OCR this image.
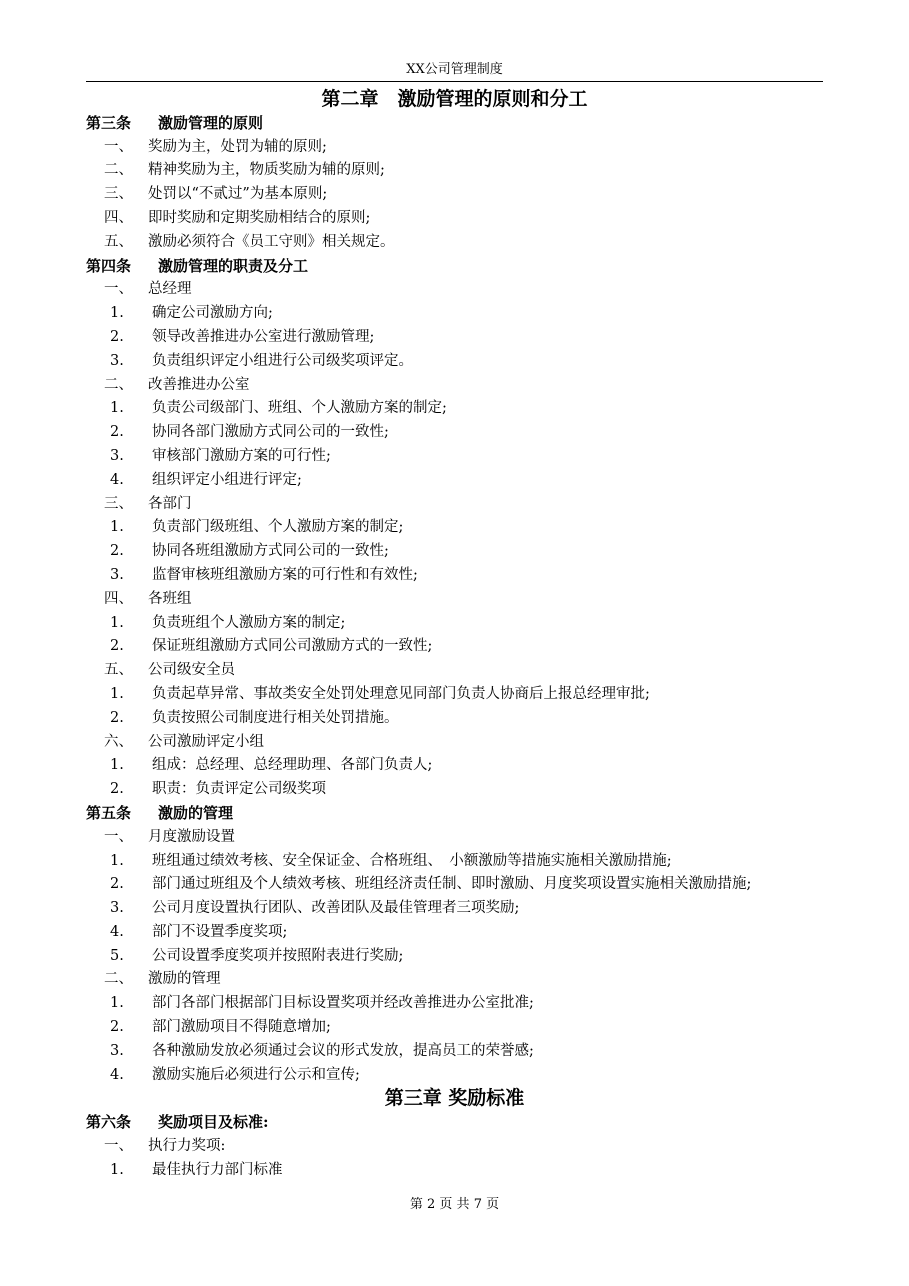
XX公司管理制度
第二章　激励管理的原则和分工
第三条 激励管理的原则
一、 奖励为主，处罚为辅的原则;
二、 精神奖励为主，物质奖励为辅的原则;
三、 处罚以“不贰过”为基本原则;
四、 即时奖励和定期奖励相结合的原则;
五、 激励必须符合《员工守则》相关规定。
第四条 激励管理的职责及分工
一、 总经理
1. 确定公司激励方向;
2. 领导改善推进办公室进行激励管理;
3. 负责组织评定小组进行公司级奖项评定。
二、 改善推进办公室
1. 负责公司级部门、班组、个人激励方案的制定;
2. 协同各部门激励方式同公司的一致性;
3. 审核部门激励方案的可行性;
4. 组织评定小组进行评定;
三、 各部门
1. 负责部门级班组、个人激励方案的制定;
2. 协同各班组激励方式同公司的一致性;
3. 监督审核班组激励方案的可行性和有效性;
四、 各班组
1. 负责班组个人激励方案的制定;
2. 保证班组激励方式同公司激励方式的一致性;
五、 公司级安全员
1. 负责起草异常、事故类安全处罚处理意见同部门负责人协商后上报总经理审批;
2. 负责按照公司制度进行相关处罚措施。
六、 公司激励评定小组
1. 组成：总经理、总经理助理、各部门负责人;
2. 职责：负责评定公司级奖项
第五条 激励的管理
一、 月度激励设置
1. 班组通过绩效考核、安全保证金、合格班组、　小额激励等措施实施相关激励措施;
2. 部门通过班组及个人绩效考核、班组经济责任制、即时激励、月度奖项设置实施相关激励措施;
3. 公司月度设置执行团队、改善团队及最佳管理者三项奖励;
4. 部门不设置季度奖项;
5. 公司设置季度奖项并按照附表进行奖励;
二、 激励的管理
1. 部门各部门根据部门目标设置奖项并经改善推进办公室批准;
2. 部门激励项目不得随意增加;
3. 各种激励发放必须通过会议的形式发放，提高员工的荣誉感;
4. 激励实施后必须进行公示和宣传;
第三章 奖励标准
第六条 奖励项目及标准:
一、 执行力奖项:
1. 最佳执行力部门标准
第 2 页 共 7 页
